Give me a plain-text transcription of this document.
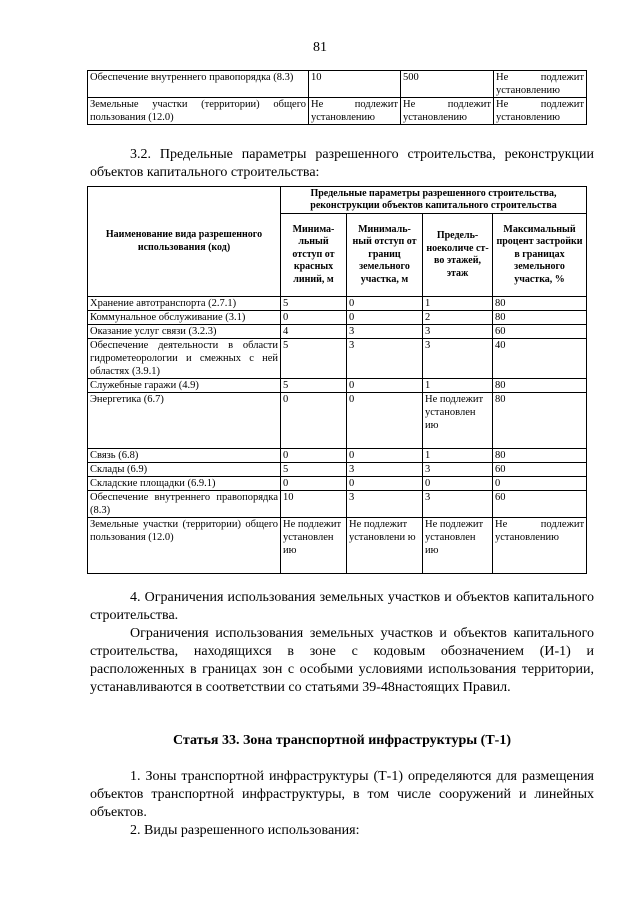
81
Обеспечение внутреннего правопорядка (8.3)	10	500	Не подлежит установлению
Земельные участки (территории) общего пользования (12.0)	Не подлежит установлению	Не подлежит установлению	Не подлежит установлению
3.2. Предельные параметры разрешенного строительства, реконструкции объектов капитального строительства:
Наименование вида разрешенного использования (код)	Предельные параметры разрешенного строительства, реконструкции объектов капитального строительства			
	Минима-льный отступ от красных линий, м	Минималь-ный отступ от границ земельного участка, м	Предель-ноеколиче ст-во этажей, этаж	Максимальный процент застройки в границах земельного участка, %
Хранение автотранспорта (2.7.1)	5	0	1	80
Коммунальное обслуживание (3.1)	0	0	2	80
Оказание услуг связи (3.2.3)	4	3	3	60
Обеспечение деятельности в области гидрометеорологии и смежных с ней областях (3.9.1)	5	3	3	40
Служебные гаражи (4.9)	5	0	1	80
Энергетика (6.7)	0	0	Не подлежит установлен ию	80
Связь (6.8)	0	0	1	80
Склады (6.9)	5	3	3	60
Складские площадки (6.9.1)	0	0	0	0
Обеспечение внутреннего правопорядка (8.3)	10	3	3	60
Земельные участки (территории) общего пользования (12.0)	Не подлежит установлен ию	Не подлежит установлени ю	Не подлежит установлен ию	Не подлежит установлению
4. Ограничения использования земельных участков и объектов капитального строительства.
Ограничения использования земельных участков и объектов капитального строительства, находящихся в зоне с кодовым обозначением (И-1) и расположенных в границах зон с особыми условиями использования территории, устанавливаются в соответствии со статьями 39-48настоящих Правил.
Статья 33. Зона транспортной инфраструктуры (Т-1)
1. Зоны транспортной инфраструктуры (Т-1) определяются для размещения объектов транспортной инфраструктуры, в том числе сооружений и линейных объектов.
2. Виды разрешенного использования:
